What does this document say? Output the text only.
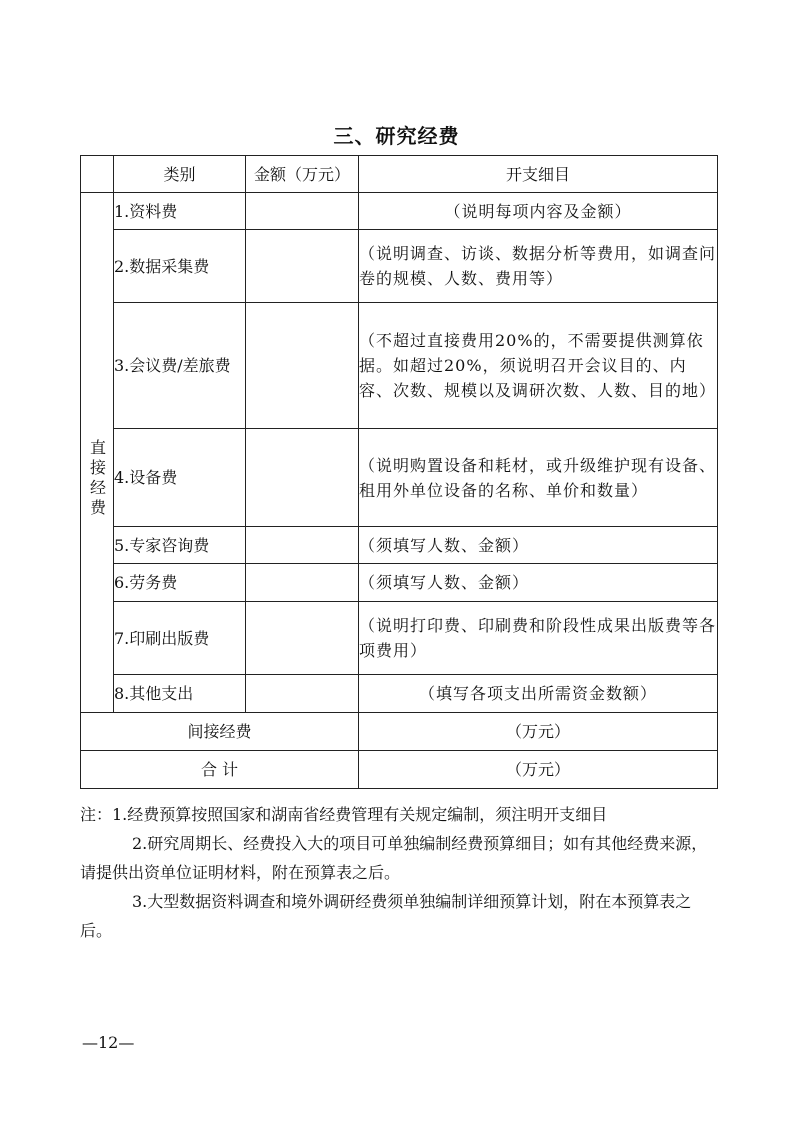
三、研究经费
	类别	金额（万元）	开支细目
直接经费	1.资料费		（说明每项内容及金额）
	2.数据采集费		（说明调查、访谈、数据分析等费用，如调查问卷的规模、人数、费用等）
	3.会议费/差旅费		（不超过直接费用20%的，不需要提供测算依据。如超过20%，须说明召开会议目的、内容、次数、规模以及调研次数、人数、目的地）
	4.设备费		（说明购置设备和耗材，或升级维护现有设备、租用外单位设备的名称、单价和数量）
	5.专家咨询费		（须填写人数、金额）
	6.劳务费		（须填写人数、金额）
	7.印刷出版费		（说明打印费、印刷费和阶段性成果出版费等各项费用）
	8.其他支出		（填写各项支出所需资金数额）
间接经费			（万元）
合 计			（万元）

注：1.经费预算按照国家和湖南省经费管理有关规定编制，须注明开支细目

2.研究周期长、经费投入大的项目可单独编制经费预算细目；如有其他经费来源，请提供出资单位证明材料，附在预算表之后。

3.大型数据资料调查和境外调研经费须单独编制详细预算计划，附在本预算表之后。

—12—
